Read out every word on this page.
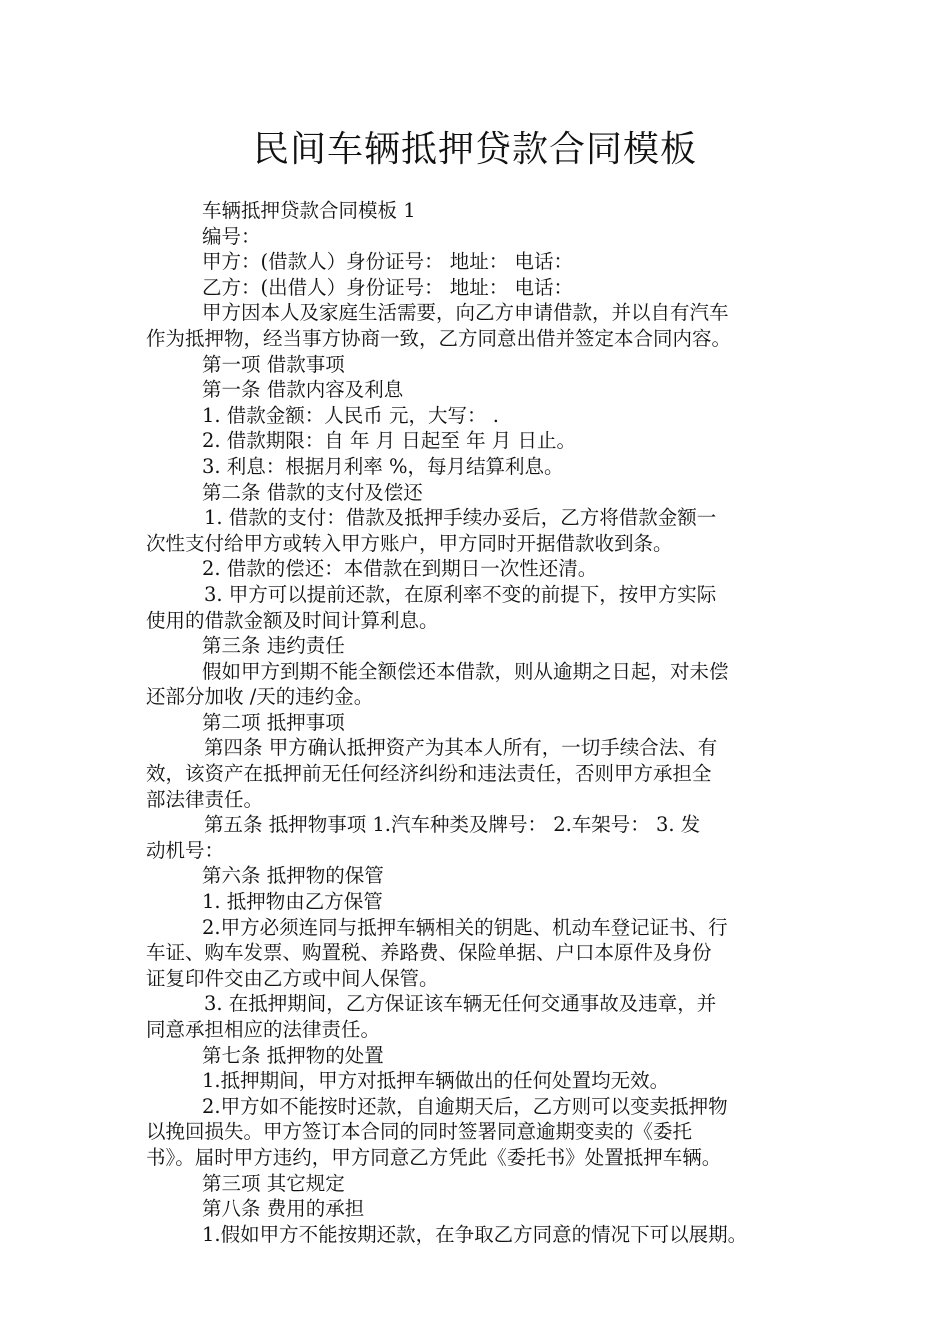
民间车辆抵押贷款合同模板
车辆抵押贷款合同模板 1
编号：
甲方：(借款人）身份证号： 地址： 电话：
乙方：(出借人）身份证号： 地址： 电话：
甲方因本人及家庭生活需要，向乙方申请借款，并以自有汽车
作为抵押物，经当事方协商一致，乙方同意出借并签定本合同内容。
第一项 借款事项
第一条 借款内容及利息
1. 借款金额：人民币 元，大写： .
2. 借款期限：自 年 月 日起至 年 月 日止。
3. 利息：根据月利率 %，每月结算利息。
第二条 借款的支付及偿还
1. 借款的支付：借款及抵押手续办妥后，乙方将借款金额一
次性支付给甲方或转入甲方账户，甲方同时开据借款收到条。
2. 借款的偿还：本借款在到期日一次性还清。
3. 甲方可以提前还款，在原利率不变的前提下，按甲方实际
使用的借款金额及时间计算利息。
第三条 违约责任
假如甲方到期不能全额偿还本借款，则从逾期之日起，对未偿
还部分加收 /天的违约金。
第二项 抵押事项
第四条 甲方确认抵押资产为其本人所有，一切手续合法、有
效，该资产在抵押前无任何经济纠纷和违法责任，否则甲方承担全
部法律责任。
第五条 抵押物事项 1.汽车种类及牌号： 2.车架号： 3. 发
动机号：
第六条 抵押物的保管
1. 抵押物由乙方保管
2.甲方必须连同与抵押车辆相关的钥匙、机动车登记证书、行
车证、购车发票、购置税、养路费、保险单据、户口本原件及身份
证复印件交由乙方或中间人保管。
3. 在抵押期间，乙方保证该车辆无任何交通事故及违章，并
同意承担相应的法律责任。
第七条 抵押物的处置
1.抵押期间，甲方对抵押车辆做出的任何处置均无效。
2.甲方如不能按时还款，自逾期天后，乙方则可以变卖抵押物
以挽回损失。甲方签订本合同的同时签署同意逾期变卖的《委托
书》。届时甲方违约，甲方同意乙方凭此《委托书》处置抵押车辆。
第三项 其它规定
第八条 费用的承担
1.假如甲方不能按期还款，在争取乙方同意的情况下可以展期。
